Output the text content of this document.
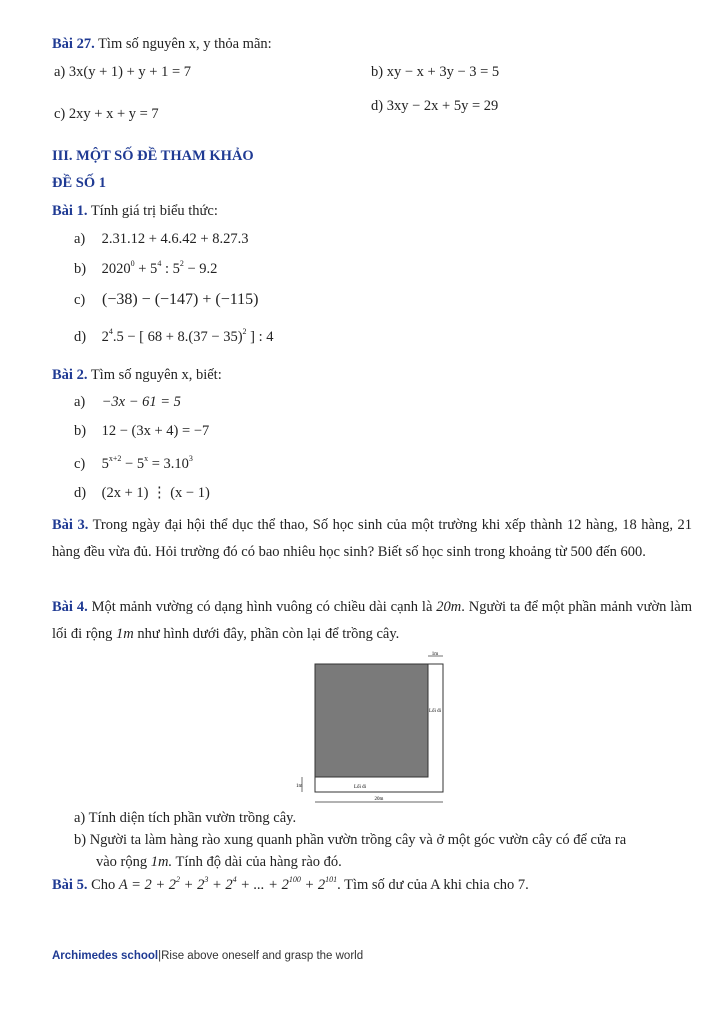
Bài 27. Tìm số nguyên x, y thỏa mãn:
a) 3x(y + 1) + y + 1 = 7	b) xy − x + 3y − 3 = 5
c) 2xy + x + y = 7	d) 3xy − 2x + 5y = 29
III. MỘT SỐ ĐỀ THAM KHẢO
ĐỀ SỐ 1
Bài 1. Tính giá trị biểu thức:
a) 2.31.12 + 4.6.42 + 8.27.3
b) $2020^0 + 5^4$ : $5^2 - 9.2$
c) (−38) − (−147) + (−115)
d) $2^4.5$ − [ $68 + 8.(37 - 35)^2$ ] : 4
Bài 2. Tìm số nguyên x, biết:
a) −3x − 61 = 5
b) 12 − (3x + 4) = −7
c) $5^{x+2} - 5^x = 3.10^3$
d) (2x + 1) ⋮ (x − 1)
Bài 3. Trong ngày đại hội thể dục thể thao, Số học sinh của một trường khi xếp thành 12 hàng, 18 hàng, 21 hàng đều vừa đủ. Hỏi trường đó có bao nhiêu học sinh? Biết số học sinh trong khoảng từ 500 đến 600.
Bài 4. Một mảnh vường có dạng hình vuông có chiều dài cạnh là 20m. Người ta để một phần mảnh vườn làm lối đi rộng 1m như hình dưới đây, phần còn lại để trồng cây.
1m
Lối đi
1m	Lối đi
20m
a) Tính diện tích phần vườn trồng cây.
b) Người ta làm hàng rào xung quanh phần vườn trồng cây và ở một góc vườn cây có để cửa ra
vào rộng 1m. Tính độ dài của hàng rào đó.
Bài 5. Cho $A = 2 + 2^2 + 2^3 + 2^4$ + ... + $2^{100} + 2^{101}$. Tìm số dư của A khi chia cho 7.
Archimedes school|Rise above oneself and grasp the world
